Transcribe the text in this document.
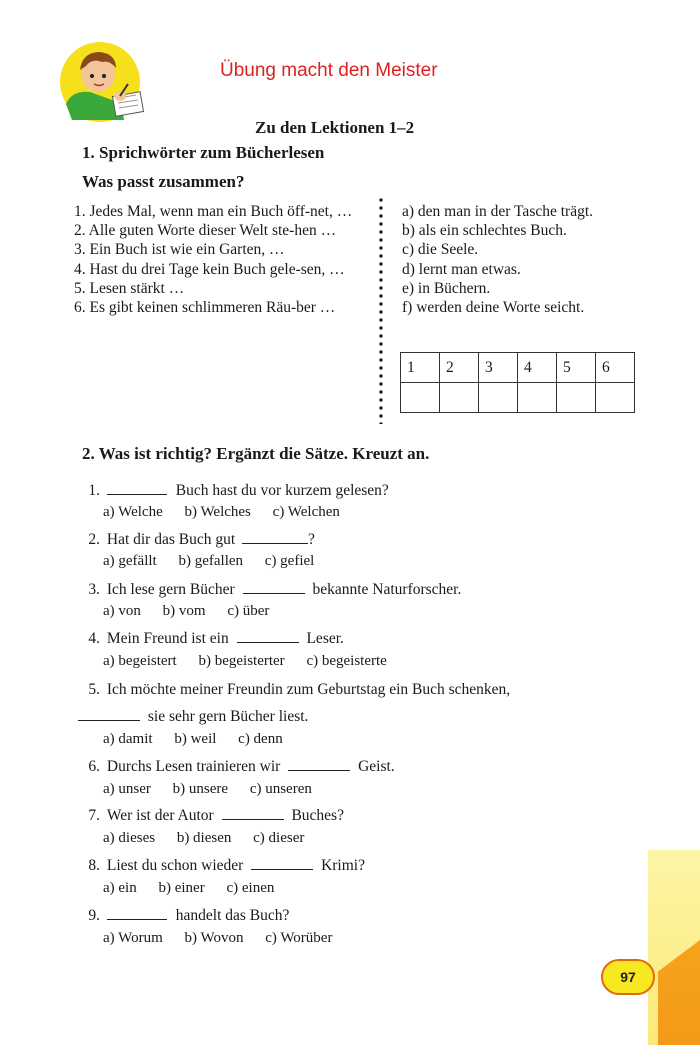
Übung macht den Meister
Zu den Lektionen 1–2
1. Sprichwörter zum Bücherlesen
Was passt zusammen?
1. Jedes Mal, wenn man ein Buch öff-net, …
2. Alle guten Worte dieser Welt ste-hen …
3. Ein Buch ist wie ein Garten, …
4. Hast du drei Tage kein Buch gele-sen, …
5. Lesen stärkt …
6. Es gibt keinen schlimmeren Räu-ber …
a) den man in der Tasche trägt.
b) als ein schlechtes Buch.
c) die Seele.
d) lernt man etwas.
e) in Büchern.
f) werden deine Worte seicht.
1	2	3	4	5	6

2. Was ist richtig? Ergänzt die Sätze. Kreuzt an.
1.	Buch hast du vor kurzem gelesen?
a) Welche b) Welches c) Welchen
2. Hat dir das Buch gut	?
a) gefällt b) gefallen c) gefiel
3. Ich lese gern Bücher	bekannte Naturforscher.
a) von b) vom c) über
4. Mein Freund ist ein	Leser.
a) begeistert b) begeisterter c) begeisterte
5. Ich möchte meiner Freundin zum Geburtstag ein Buch schenken,
sie sehr gern Bücher liest.
a) damit b) weil c) denn
6. Durchs Lesen trainieren wir	Geist.
a) unser b) unsere c) unseren
7. Wer ist der Autor	Buches?
a) dieses b) diesen c) dieser
8. Liest du schon wieder	Krimi?
a) ein b) einer c) einen
9.	handelt das Buch?
a) Worum b) Wovon c) Worüber
97
